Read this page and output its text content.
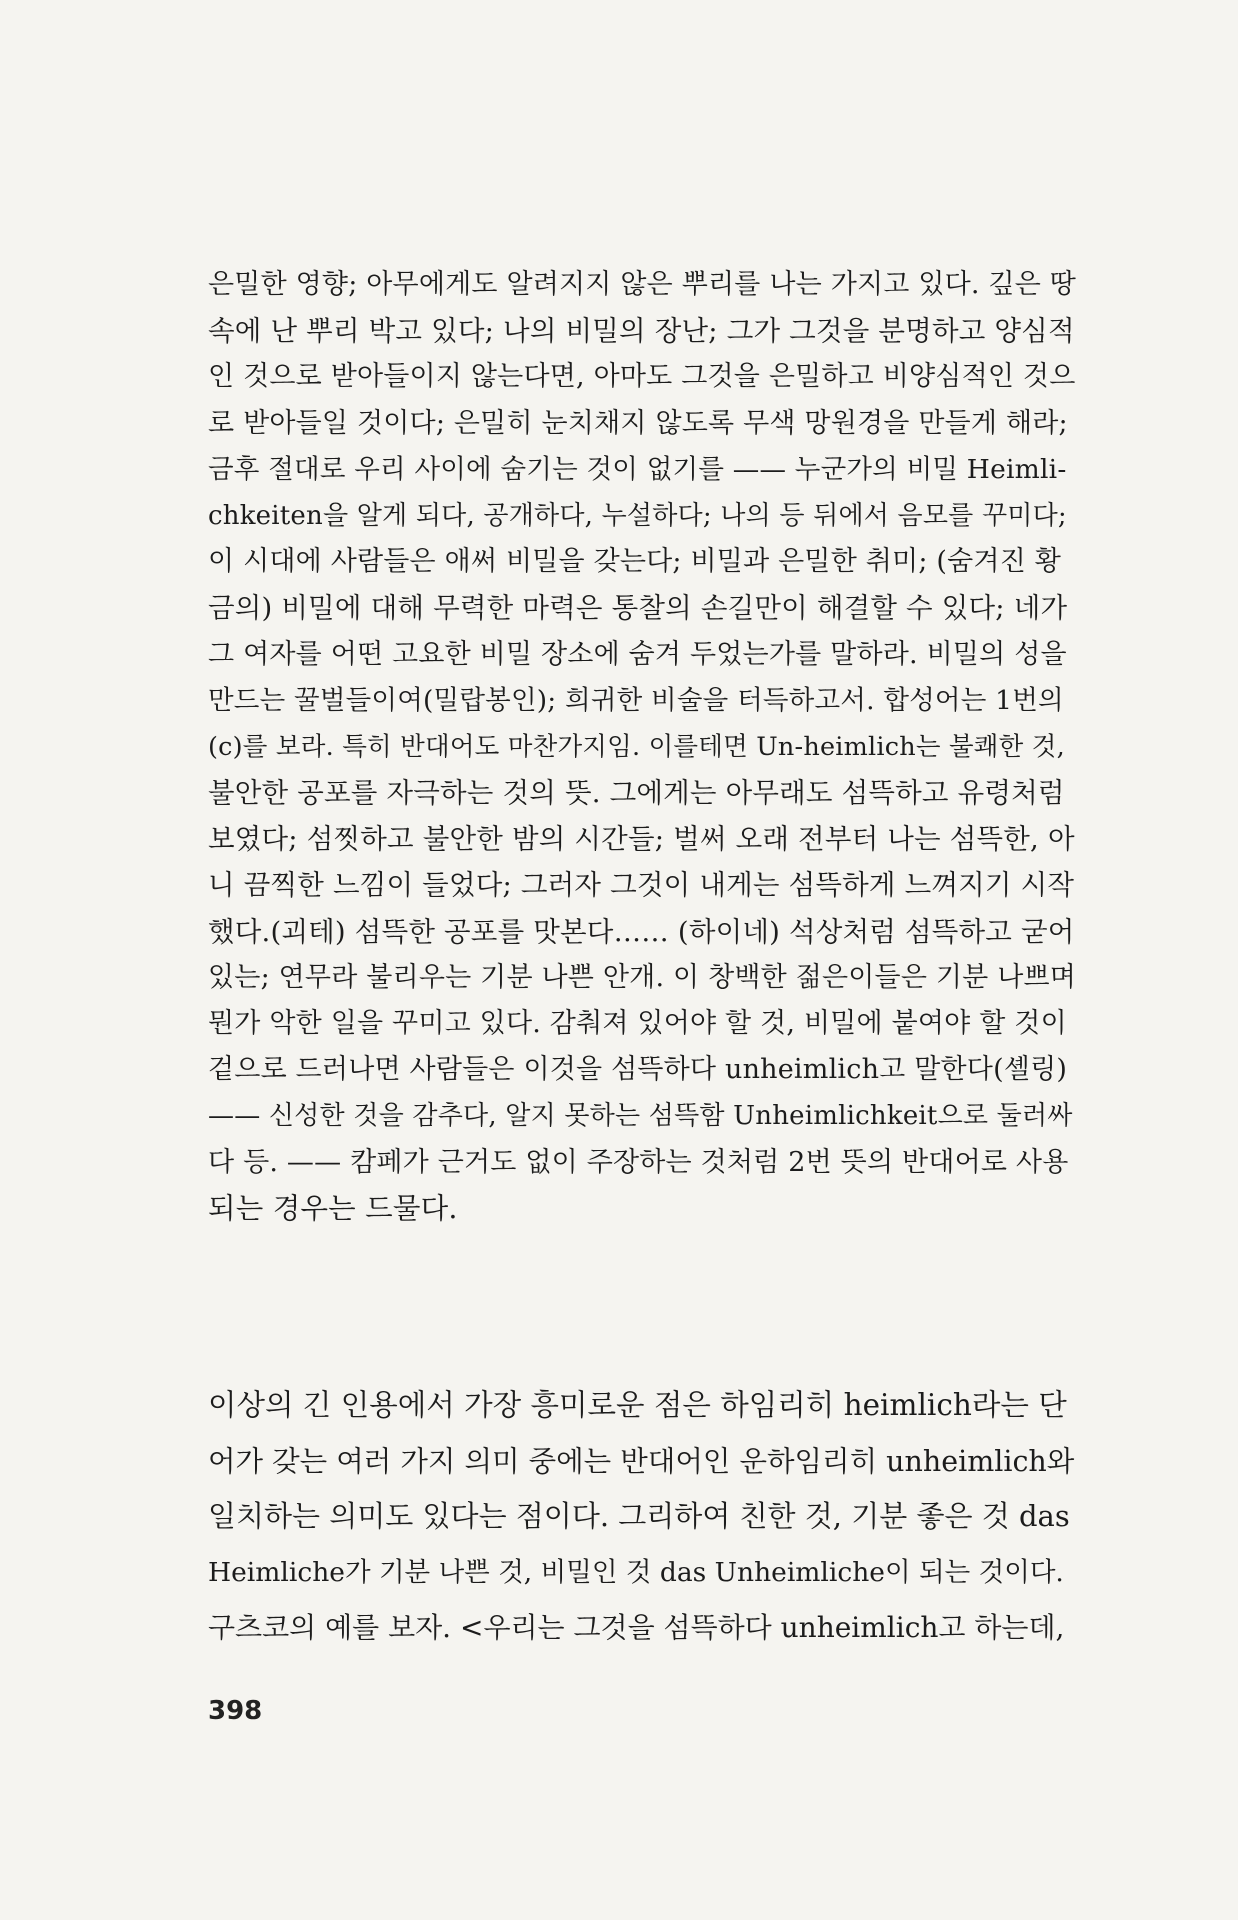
은밀한 영향; 아무에게도 알려지지 않은 뿌리를 나는 가지고 있다. 깊은 땅
속에 난 뿌리 박고 있다; 나의 비밀의 장난; 그가 그것을 분명하고 양심적
인 것으로 받아들이지 않는다면, 아마도 그것을 은밀하고 비양심적인 것으
로 받아들일 것이다; 은밀히 눈치채지 않도록 무색 망원경을 만들게 해라;
금후 절대로 우리 사이에 숨기는 것이 없기를 —— 누군가의 비밀 Heimli-
chkeiten을 알게 되다, 공개하다, 누설하다; 나의 등 뒤에서 음모를 꾸미다;
이 시대에 사람들은 애써 비밀을 갖는다; 비밀과 은밀한 취미; (숨겨진 황
금의) 비밀에 대해 무력한 마력은 통찰의 손길만이 해결할 수 있다; 네가
그 여자를 어떤 고요한 비밀 장소에 숨겨 두었는가를 말하라. 비밀의 성을
만드는 꿀벌들이여(밀랍봉인); 희귀한 비술을 터득하고서. 합성어는 1번의
(c)를 보라. 특히 반대어도 마찬가지임. 이를테면 Un-heimlich는 불쾌한 것,
불안한 공포를 자극하는 것의 뜻. 그에게는 아무래도 섬뜩하고 유령처럼
보였다; 섬찟하고 불안한 밤의 시간들; 벌써 오래 전부터 나는 섬뜩한, 아
니 끔찍한 느낌이 들었다; 그러자 그것이 내게는 섬뜩하게 느껴지기 시작
했다.(괴테) 섬뜩한 공포를 맛본다…… (하이네) 석상처럼 섬뜩하고 굳어
있는; 연무라 불리우는 기분 나쁜 안개. 이 창백한 젊은이들은 기분 나쁘며
뭔가 악한 일을 꾸미고 있다. 감춰져 있어야 할 것, 비밀에 붙여야 할 것이
겉으로 드러나면 사람들은 이것을 섬뜩하다 unheimlich고 말한다(셸링)
—— 신성한 것을 감추다, 알지 못하는 섬뜩함 Unheimlichkeit으로 둘러싸
다 등. —— 캄페가 근거도 없이 주장하는 것처럼 2번 뜻의 반대어로 사용
되는 경우는 드물다.
이상의 긴 인용에서 가장 흥미로운 점은 하임리히 heimlich라는 단
어가 갖는 여러 가지 의미 중에는 반대어인 운하임리히 unheimlich와
일치하는 의미도 있다는 점이다. 그리하여 친한 것, 기분 좋은 것 das
Heimliche가 기분 나쁜 것, 비밀인 것 das Unheimliche이 되는 것이다.
구츠코의 예를 보자. <우리는 그것을 섬뜩하다 unheimlich고 하는데,
398
